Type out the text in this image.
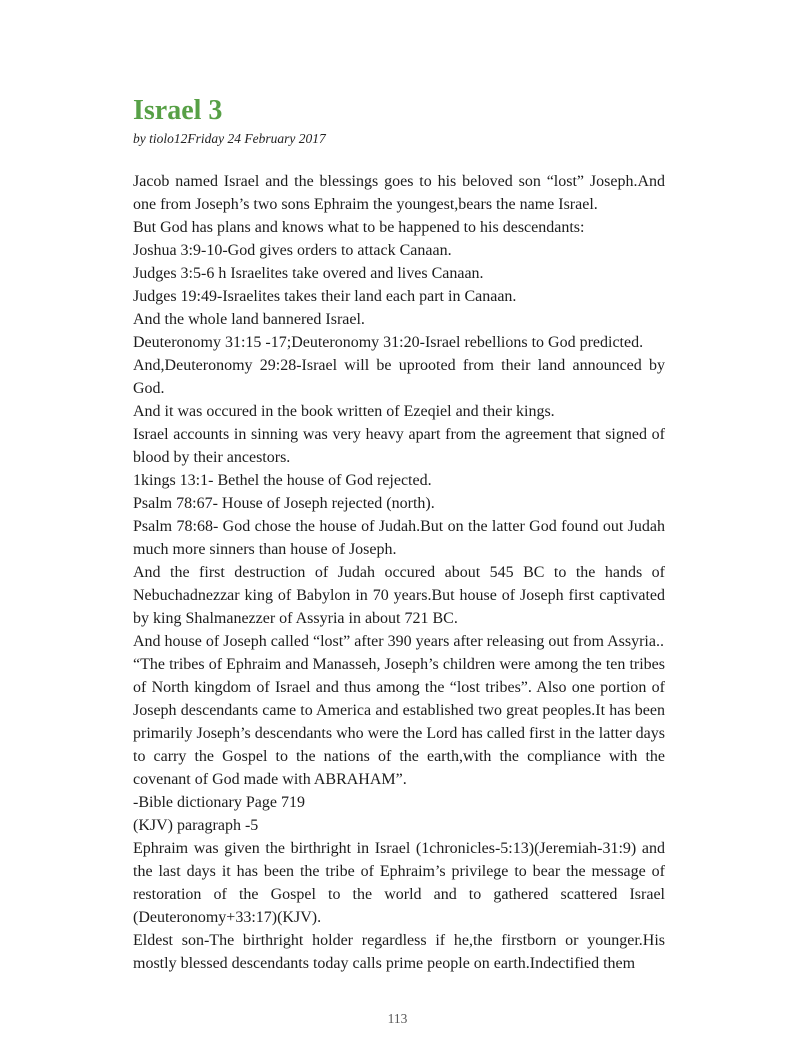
Israel 3
by tiolo12Friday 24 February 2017

Jacob named Israel and the blessings goes to his beloved son “lost” Joseph.And one from Joseph’s two sons Ephraim the youngest,bears the name Israel.

But God has plans and knows what to be happened to his descendants:

Joshua 3:9-10-God gives orders to attack Canaan.

Judges 3:5-6 h Israelites take overed and lives Canaan.

Judges 19:49-Israelites takes their land each part in Canaan.

And the whole land bannered Israel.

Deuteronomy 31:15 -17;Deuteronomy 31:20-Israel rebellions to God predicted.

And,Deuteronomy 29:28-Israel will be uprooted from their land announced by God.

And it was occured in the book written of Ezeqiel and their kings.

Israel accounts in sinning was very heavy apart from the agreement that signed of blood by their ancestors.

1kings 13:1- Bethel the house of God rejected.

Psalm 78:67- House of Joseph rejected (north).

Psalm 78:68- God chose the house of Judah.But on the latter God found out Judah much more sinners than house of Joseph.

And the first destruction of Judah occured about 545 BC to the hands of Nebuchadnezzar king of Babylon in 70 years.But house of Joseph first captivated by king Shalmanezzer of Assyria in about 721 BC.

And house of Joseph called “lost” after 390 years after releasing out from Assyria..

“The tribes of Ephraim and Manasseh, Joseph’s children were among the ten tribes of North kingdom of Israel and thus among the “lost tribes”. Also one portion of Joseph descendants came to America and established two great peoples.It has been primarily Joseph’s descendants who were the Lord has called first in the latter days to carry the Gospel to the nations of the earth,with the compliance with the covenant of God made with ABRAHAM”.

-Bible dictionary Page 719

(KJV) paragraph -5

Ephraim was given the birthright in Israel (1chronicles-5:13)(Jeremiah-31:9) and the last days it has been the tribe of Ephraim’s privilege to bear the message of restoration of the Gospel to the world and to gathered scattered Israel (Deuteronomy+33:17)(KJV).

Eldest son-The birthright holder regardless if he,the firstborn or younger.His mostly blessed descendants today calls prime people on earth.Indectified them

113
